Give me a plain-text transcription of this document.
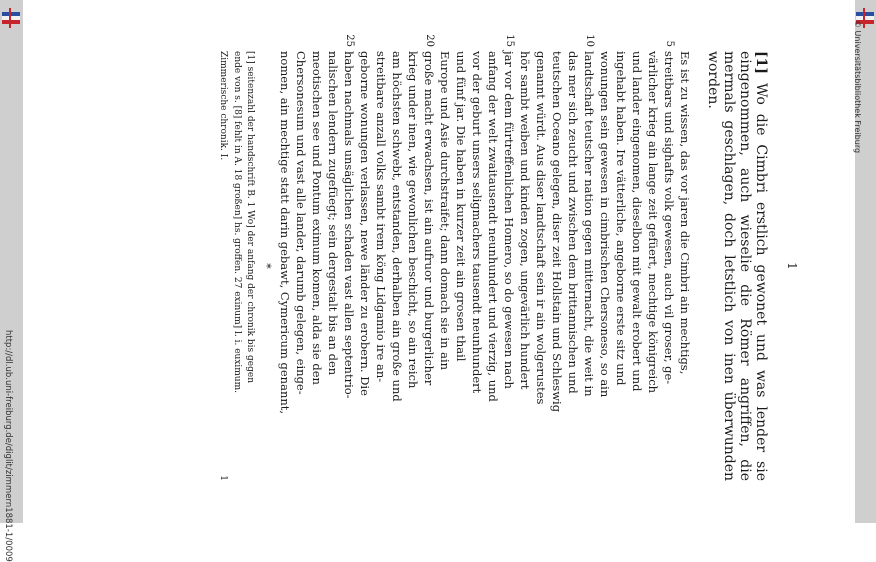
http://dl.ub.uni-freiburg.de/diglit/zimmern1881-1/0009
© Universitätsbibliothek Freiburg
1
[1] Wo die Cimbri erstlich gewonet und was lender sie eingenommen, auch wieselie die Römer angriffen, die mermals geschlagen, doch letstlich von inen überwunden worden.
Es ist zu wissen, das vor jaren die Cimbri ain mechtigs,
5
streitbars und sighafts volk gewesen, auch vil groser, ge-
värlicher krieg ain lange zeit gefüert, mechtige königreich
und lander eingenomen, dieselbon mit gewalt erobert und
ingehabt haben. Ire vätterliche, angeborne erste sitz und
wonungen sein gewesen in cimbrischen Chersoneso, so ain
10
landtschaft teutscher nation gegen mitternacht, die weit in
das mer sich zeucht und zwischen dem brittannischen und
teutschen Oceano gelegen, diser zeit Hollstain und Schleswig
genannt würdt. Aus diser landtschaft sein ir ain wolgerustes
hör sambt weiben und kinden zogen, ungevärlich hundert
15
jar vor dem fürtreffenlichen Homero, so do gewesen nach
anfang der welt zwaitausendt neunhundert und vierzig, und
vor der geburt unsers seligmachers tausendt neunhundert
und fünf jar. Die haben in kurzer zeit ain grosen thail
Europe und Asie durchstraifet; dann domach sie in ain
20
große macht erwachsen, ist ain aufruor und burgerlicher
krieg under inen, wie gewonlichen beschicht, so ain reich
am höchsten schwebt, entstanden, derhalben ain große und
streitbare anzall volks sambt irem köng Lidgamio ire an-
geborne wonungen verlassen, newe länder zu erobern. Die
25
haben nachmals unsäglichen schaden vast allen septentrio-
nalischen lendern zugefüegt; sein dergestalt bis an den
meotischen see und Pontum eximum komen, alda sie den
Chersonesum und vast alle lander, darumb gelegen, einge-
nomen, ain mechtige statt darin gebawt, Cymericum genannt,
*
[1] seitenzahl der handschrift B. 1 Wo] der anfang der chronik bis gegen
ende von s. [8] fehlt in A. 18 großen] hs. groffen. 27 exinum] l. i. euximum.
Zimmerische chronik. I.
1
